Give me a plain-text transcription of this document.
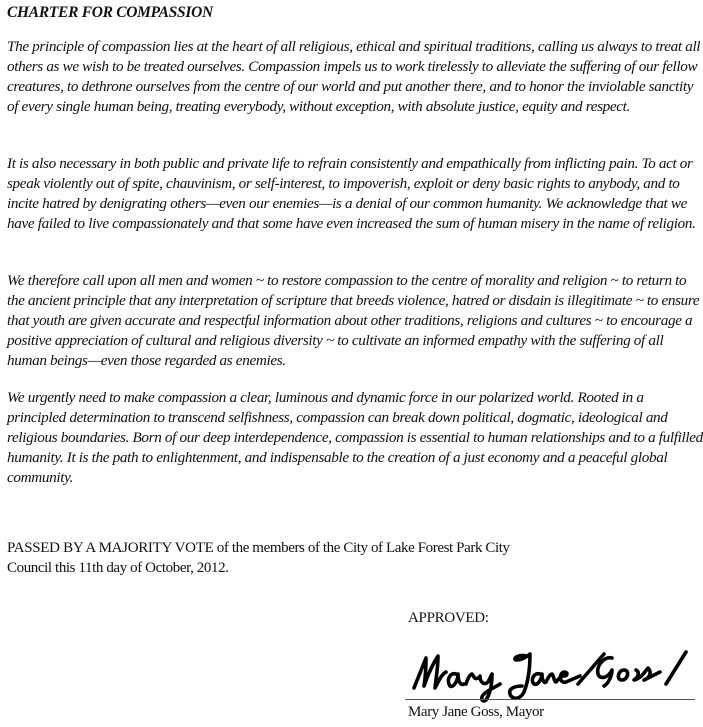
CHARTER FOR COMPASSION

The principle of compassion lies at the heart of all religious, ethical and spiritual traditions, calling us always to treat all others as we wish to be treated ourselves. Compassion impels us to work tirelessly to alleviate the suffering of our fellow creatures, to dethrone ourselves from the centre of our world and put another there, and to honor the inviolable sanctity of every single human being, treating everybody, without exception, with absolute justice, equity and respect.

It is also necessary in both public and private life to refrain consistently and empathically from inflicting pain. To act or speak violently out of spite, chauvinism, or self-interest, to impoverish, exploit or deny basic rights to anybody, and to incite hatred by denigrating others—even our enemies—is a denial of our common humanity. We acknowledge that we have failed to live compassionately and that some have even increased the sum of human misery in the name of religion.

We therefore call upon all men and women ~ to restore compassion to the centre of morality and religion ~ to return to the ancient principle that any interpretation of scripture that breeds violence, hatred or disdain is illegitimate ~ to ensure that youth are given accurate and respectful information about other traditions, religions and cultures ~ to encourage a positive appreciation of cultural and religious diversity ~ to cultivate an informed empathy with the suffering of all human beings—even those regarded as enemies.

We urgently need to make compassion a clear, luminous and dynamic force in our polarized world. Rooted in a principled determination to transcend selfishness, compassion can break down political, dogmatic, ideological and religious boundaries. Born of our deep interdependence, compassion is essential to human relationships and to a fulfilled humanity. It is the path to enlightenment, and indispensable to the creation of a just economy and a peaceful global community.

PASSED BY A MAJORITY VOTE of the members of the City of Lake Forest Park City
Council this 11th day of October, 2012.

APPROVED:

Mary Jane Goss, Mayor
